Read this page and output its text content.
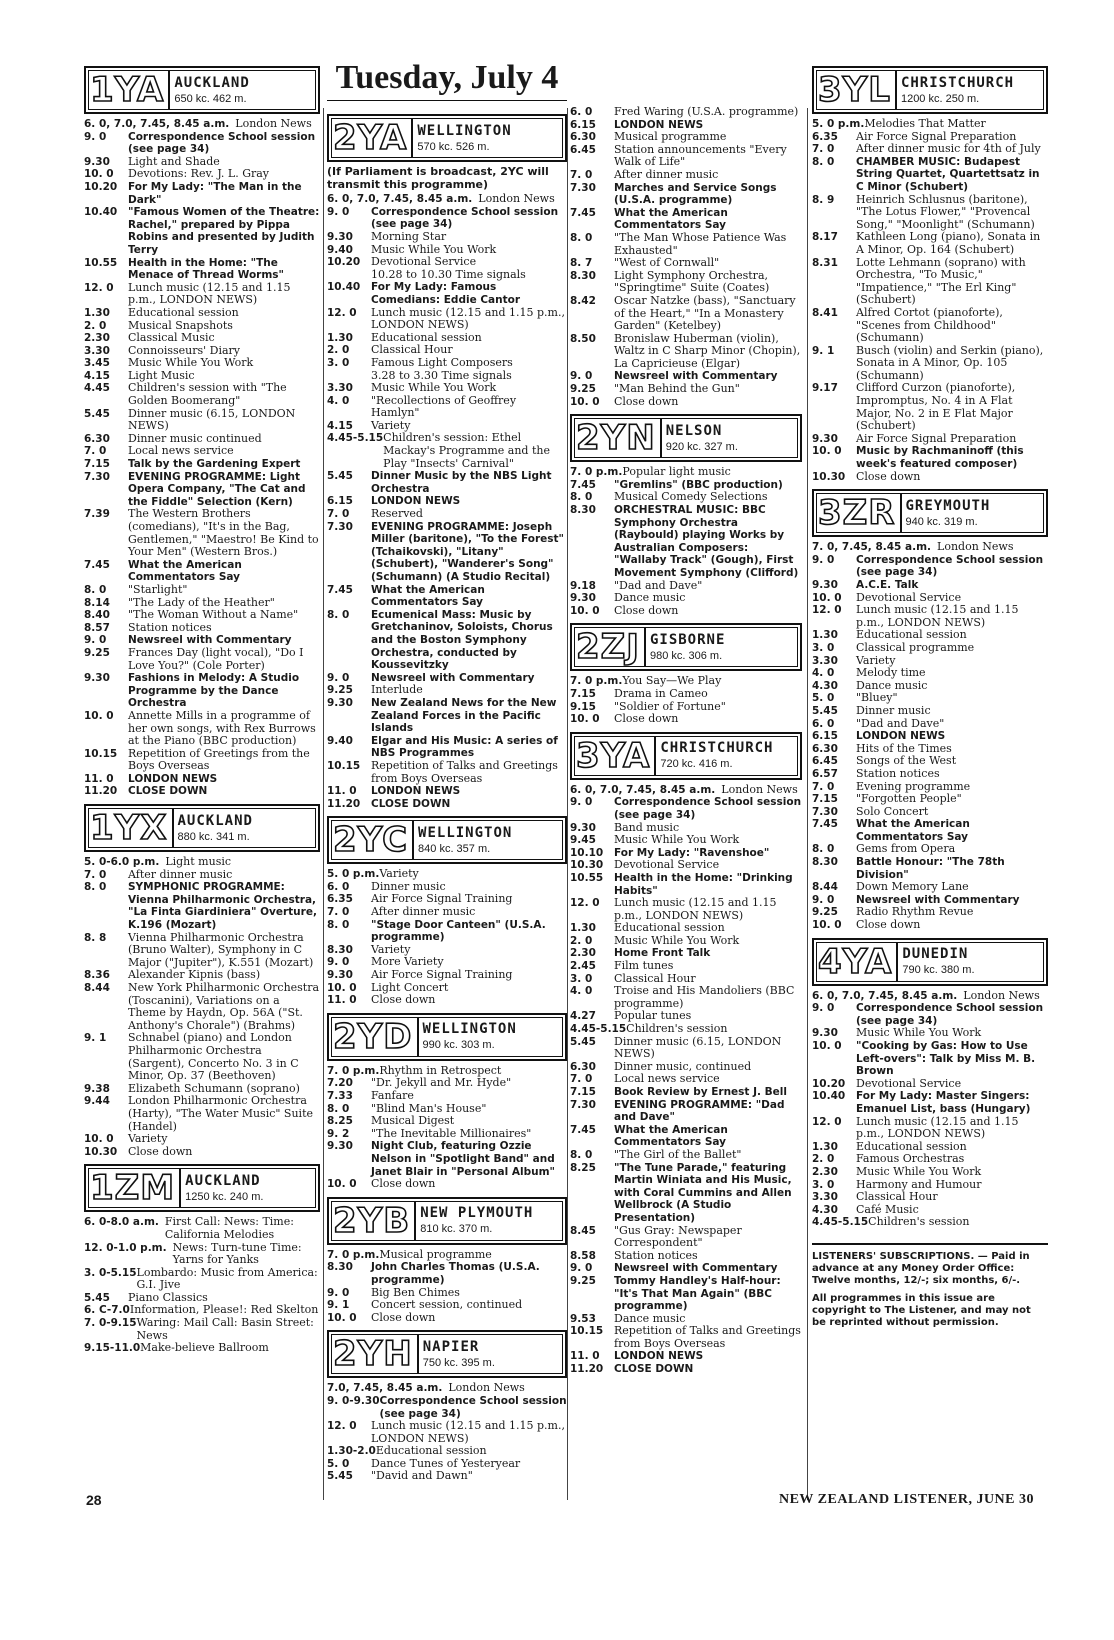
Tuesday, July 4
1YA AUCKLAND
650 kc. 462 m.
6. 0, 7.0, 7.45, 8.45 a.m. London News
9. 0	Correspondence School session (see page 34)
9.30	Light and Shade
10. 0	Devotions: Rev. J. L. Gray
10.20	For My Lady: "The Man in the Dark"
10.40	"Famous Women of the Theatre: Rachel," prepared by Pippa Robins and presented by Judith Terry
10.55	Health in the Home: "The Menace of Thread Worms"
12. 0	Lunch music (12.15 and 1.15 p.m., LONDON NEWS)
1.30	Educational session
2. 0	Musical Snapshots
2.30	Classical Music
3.30	Connoisseurs' Diary
3.45	Music While You Work
4.15	Light Music
4.45	Children's session with "The Golden Boomerang"
5.45	Dinner music (6.15, LONDON NEWS)
6.30	Dinner music continued
7. 0	Local news service
7.15	Talk by the Gardening Expert
7.30	EVENING PROGRAMME: Light Opera Company, "The Cat and the Fiddle" Selection (Kern)
7.39	The Western Brothers (comedians), "It's in the Bag, Gentlemen," "Maestro! Be Kind to Your Men" (Western Bros.)
7.45	What the American Commentators Say
8. 0	"Starlight"
8.14	"The Lady of the Heather"
8.40	"The Woman Without a Name"
8.57	Station notices
9. 0	Newsreel with Commentary
9.25	Frances Day (light vocal), "Do I Love You?" (Cole Porter)
9.30	Fashions in Melody: A Studio Programme by the Dance Orchestra
10. 0	Annette Mills in a programme of her own songs, with Rex Burrows at the Piano (BBC production)
10.15 Repetition of Greetings from the Boys Overseas
11. 0	LONDON NEWS
11.20	CLOSE DOWN
1YX AUCKLAND
880 kc. 341 m.
5. 0-6.0 p.m. Light music
7. 0	After dinner music
8. 0	SYMPHONIC PROGRAMME: Vienna Philharmonic Orchestra, "La Finta Giardiniera" Overture, K.196 (Mozart)
8. 8	Vienna Philharmonic Orchestra (Bruno Walter), Symphony in C Major ("Jupiter"), K.551 (Mozart)
8.36	Alexander Kipnis (bass)
8.44	New York Philharmonic Orchestra (Toscanini), Variations on a Theme by Haydn, Op. 56A ("St. Anthony's Chorale") (Brahms)
9. 1	Schnabel (piano) and London Philharmonic Orchestra (Sargent), Concerto No. 3 in C Minor, Op. 37 (Beethoven)
9.38	Elizabeth Schumann (soprano)
9.44	London Philharmonic Orchestra (Harty), "The Water Music" Suite (Handel)
10. 0	Variety
10.30 Close down
1ZM AUCKLAND
1250 kc. 240 m.
6. 0-8.0 a.m. First Call: News: Time: California Melodies
12. 0-1.0 p.m. News: Turn-tune Time: Yarns for Yanks
3. 0-5.15 Lombardo: Music from America: G.I. Jive
5.45	Piano Classics
6. C-7.0 Information, Please!: Red Skelton
7. 0-9.15 Waring: Mail Call: Basin Street: News
9.15-11.0 Make-believe Ballroom
2YA WELLINGTON
570 kc. 526 m.
(If Parliament is broadcast, 2YC will transmit this programme)
6. 0, 7.0, 7.45, 8.45 a.m. London News
9. 0	Correspondence School session (see page 34)
9.30	Morning Star
9.40	Music While You Work
10.20 Devotional Service
10.28 to 10.30 Time signals
10.40	For My Lady: Famous Comedians: Eddie Cantor
12. 0	Lunch music (12.15 and 1.15 p.m., LONDON NEWS)
1.30	Educational session
2. 0	Classical Hour
3. 0	Famous Light Composers
3.28 to 3.30 Time signals
3.30	Music While You Work
4. 0	"Recollections of Geoffrey Hamlyn"
4.15	Variety
4.45-5.15 Children's session: Ethel Mackay's Programme and the Play "Insects' Carnival"
5.45	Dinner Music by the NBS Light Orchestra
6.15	LONDON NEWS
7. 0	Reserved
7.30	EVENING PROGRAMME: Joseph Miller (baritone), "To the Forest" (Tchaikovski), "Litany" (Schubert), "Wanderer's Song" (Schumann) (A Studio Recital)
7.45	What the American Commentators Say
8. 0	Ecumenical Mass: Music by Gretchaninov, Soloists, Chorus and the Boston Symphony Orchestra, conducted by Koussevitzky
9. 0	Newsreel with Commentary
9.25	Interlude
9.30	New Zealand News for the New Zealand Forces in the Pacific Islands
9.40	Elgar and His Music: A series of NBS Programmes
10.15 Repetition of Talks and Greetings from Boys Overseas
11. 0	LONDON NEWS
11.20	CLOSE DOWN
2YC WELLINGTON
840 kc. 357 m.
5. 0 p.m. Variety
6. 0	Dinner music
6.35	Air Force Signal Training
7. 0	After dinner music
8. 0	"Stage Door Canteen" (U.S.A. programme)
8.30	Variety
9. 0	More Variety
9.30	Air Force Signal Training
10. 0	Light Concert
11. 0	Close down
2YD WELLINGTON
990 kc. 303 m.
7. 0 p.m. Rhythm in Retrospect
7.20	"Dr. Jekyll and Mr. Hyde"
7.33	Fanfare
8. 0	"Blind Man's House"
8.25	Musical Digest
9. 2	"The Inevitable Millionaires"
9.30	Night Club, featuring Ozzie Nelson in "Spotlight Band" and Janet Blair in "Personal Album"
10. 0	Close down
2YB NEW PLYMOUTH
810 kc. 370 m.
7. 0 p.m. Musical programme
8.30	John Charles Thomas (U.S.A. programme)
9. 0	Big Ben Chimes
9. 1	Concert session, continued
10. 0	Close down
2YH NAPIER
750 kc. 395 m.
7.0, 7.45, 8.45 a.m. London News
9. 0-9.30 Correspondence School session (see page 34)
12. 0	Lunch music (12.15 and 1.15 p.m., LONDON NEWS)
1.30-2.0 Educational session
5. 0	Dance Tunes of Yesteryear
5.45	"David and Dawn"
6. 0	Fred Waring (U.S.A. programme)
6.15	LONDON NEWS
6.30	Musical programme
6.45	Station announcements "Every Walk of Life"
7. 0	After dinner music
7.30	Marches and Service Songs (U.S.A. programme)
7.45	What the American Commentators Say
8. 0	"The Man Whose Patience Was Exhausted"
8. 7	"West of Cornwall"
8.30	Light Symphony Orchestra, "Springtime" Suite (Coates)
8.42	Oscar Natzke (bass), "Sanctuary of the Heart," "In a Monastery Garden" (Ketelbey)
8.50	Bronislaw Huberman (violin), Waltz in C Sharp Minor (Chopin), La Capricieuse (Elgar)
9. 0	Newsreel with Commentary
9.25	"Man Behind the Gun"
10. 0	Close down
2YN NELSON
920 kc. 327 m.
7. 0 p.m. Popular light music
7.45	"Gremlins" (BBC production)
8. 0	Musical Comedy Selections
8.30	ORCHESTRAL MUSIC: BBC Symphony Orchestra (Raybould) playing Works by Australian Composers: "Wallaby Track" (Gough), First Movement Symphony (Clifford)
9.18	"Dad and Dave"
9.30	Dance music
10. 0	Close down
2ZJ GISBORNE
980 kc. 306 m.
7. 0 p.m. You Say—We Play
7.15	Drama in Cameo
9.15	"Soldier of Fortune"
10. 0	Close down
3YA CHRISTCHURCH
720 kc. 416 m.
6. 0, 7.0, 7.45, 8.45 a.m. London News
9. 0	Correspondence School session (see page 34)
9.30	Band music
9.45	Music While You Work
10.10	For My Lady: "Ravenshoe"
10.30 Devotional Service
10.55	Health in the Home: "Drinking Habits"
12. 0	Lunch music (12.15 and 1.15 p.m., LONDON NEWS)
1.30	Educational session
2. 0	Music While You Work
2.30	Home Front Talk
2.45	Film tunes
3. 0	Classical Hour
4. 0	Troise and His Mandoliers (BBC programme)
4.27	Popular tunes
4.45-5.15 Children's session
5.45	Dinner music (6.15, LONDON NEWS)
6.30	Dinner music, continued
7. 0	Local news service
7.15	Book Review by Ernest J. Bell
7.30	EVENING PROGRAMME: "Dad and Dave"
7.45	What the American Commentators Say
8. 0	"The Girl of the Ballet"
8.25	"The Tune Parade," featuring Martin Winiata and His Music, with Coral Cummins and Allen Wellbrock (A Studio Presentation)
8.45	"Gus Gray: Newspaper Correspondent"
8.58	Station notices
9. 0	Newsreel with Commentary
9.25	Tommy Handley's Half-hour: "It's That Man Again" (BBC programme)
9.53	Dance music
10.15 Repetition of Talks and Greetings from Boys Overseas
11. 0	LONDON NEWS
11.20	CLOSE DOWN
3YL CHRISTCHURCH
1200 kc. 250 m.
5. 0 p.m. Melodies That Matter
6.35	Air Force Signal Preparation
7. 0	After dinner music for 4th of July
8. 0	CHAMBER MUSIC: Budapest String Quartet, Quartettsatz in C Minor (Schubert)
8. 9	Heinrich Schlusnus (baritone), "The Lotus Flower," "Provencal Song," "Moonlight" (Schumann)
8.17	Kathleen Long (piano), Sonata in A Minor, Op. 164 (Schubert)
8.31	Lotte Lehmann (soprano) with Orchestra, "To Music," "Impatience," "The Erl King" (Schubert)
8.41	Alfred Cortot (pianoforte), "Scenes from Childhood" (Schumann)
9. 1	Busch (violin) and Serkin (piano), Sonata in A Minor, Op. 105 (Schumann)
9.17	Clifford Curzon (pianoforte), Impromptus, No. 4 in A Flat Major, No. 2 in E Flat Major (Schubert)
9.30	Air Force Signal Preparation
10. 0	Music by Rachmaninoff (this week's featured composer)
10.30 Close down
3ZR GREYMOUTH
940 kc. 319 m.
7. 0, 7.45, 8.45 a.m. London News
9. 0	Correspondence School session (see page 34)
9.30	A.C.E. Talk
10. 0	Devotional Service
12. 0	Lunch music (12.15 and 1.15 p.m., LONDON NEWS)
1.30	Educational session
3. 0	Classical programme
3.30	Variety
4. 0	Melody time
4.30	Dance music
5. 0	"Bluey"
5.45	Dinner music
6. 0	"Dad and Dave"
6.15	LONDON NEWS
6.30	Hits of the Times
6.45	Songs of the West
6.57	Station notices
7. 0	Evening programme
7.15	"Forgotten People"
7.30	Solo Concert
7.45	What the American Commentators Say
8. 0	Gems from Opera
8.30	Battle Honour: "The 78th Division"
8.44	Down Memory Lane
9. 0	Newsreel with Commentary
9.25	Radio Rhythm Revue
10. 0	Close down
4YA DUNEDIN
790 kc. 380 m.
6. 0, 7.0, 7.45, 8.45 a.m. London News
9. 0	Correspondence School session (see page 34)
9.30	Music While You Work
10. 0	"Cooking by Gas: How to Use Left-overs": Talk by Miss M. B. Brown
10.20 Devotional Service
10.40	For My Lady: Master Singers: Emanuel List, bass (Hungary)
12. 0	Lunch music (12.15 and 1.15 p.m., LONDON NEWS)
1.30	Educational session
2. 0	Famous Orchestras
2.30	Music While You Work
3. 0	Harmony and Humour
3.30	Classical Hour
4.30	Café Music
4.45-5.15 Children's session

LISTENERS' SUBSCRIPTIONS. — Paid in advance at any Money Order Office: Twelve months, 12/-; six months, 6/-.

All programmes in this issue are copyright to The Listener, and may not be reprinted without permission.

28	NEW ZEALAND LISTENER, JUNE 30
